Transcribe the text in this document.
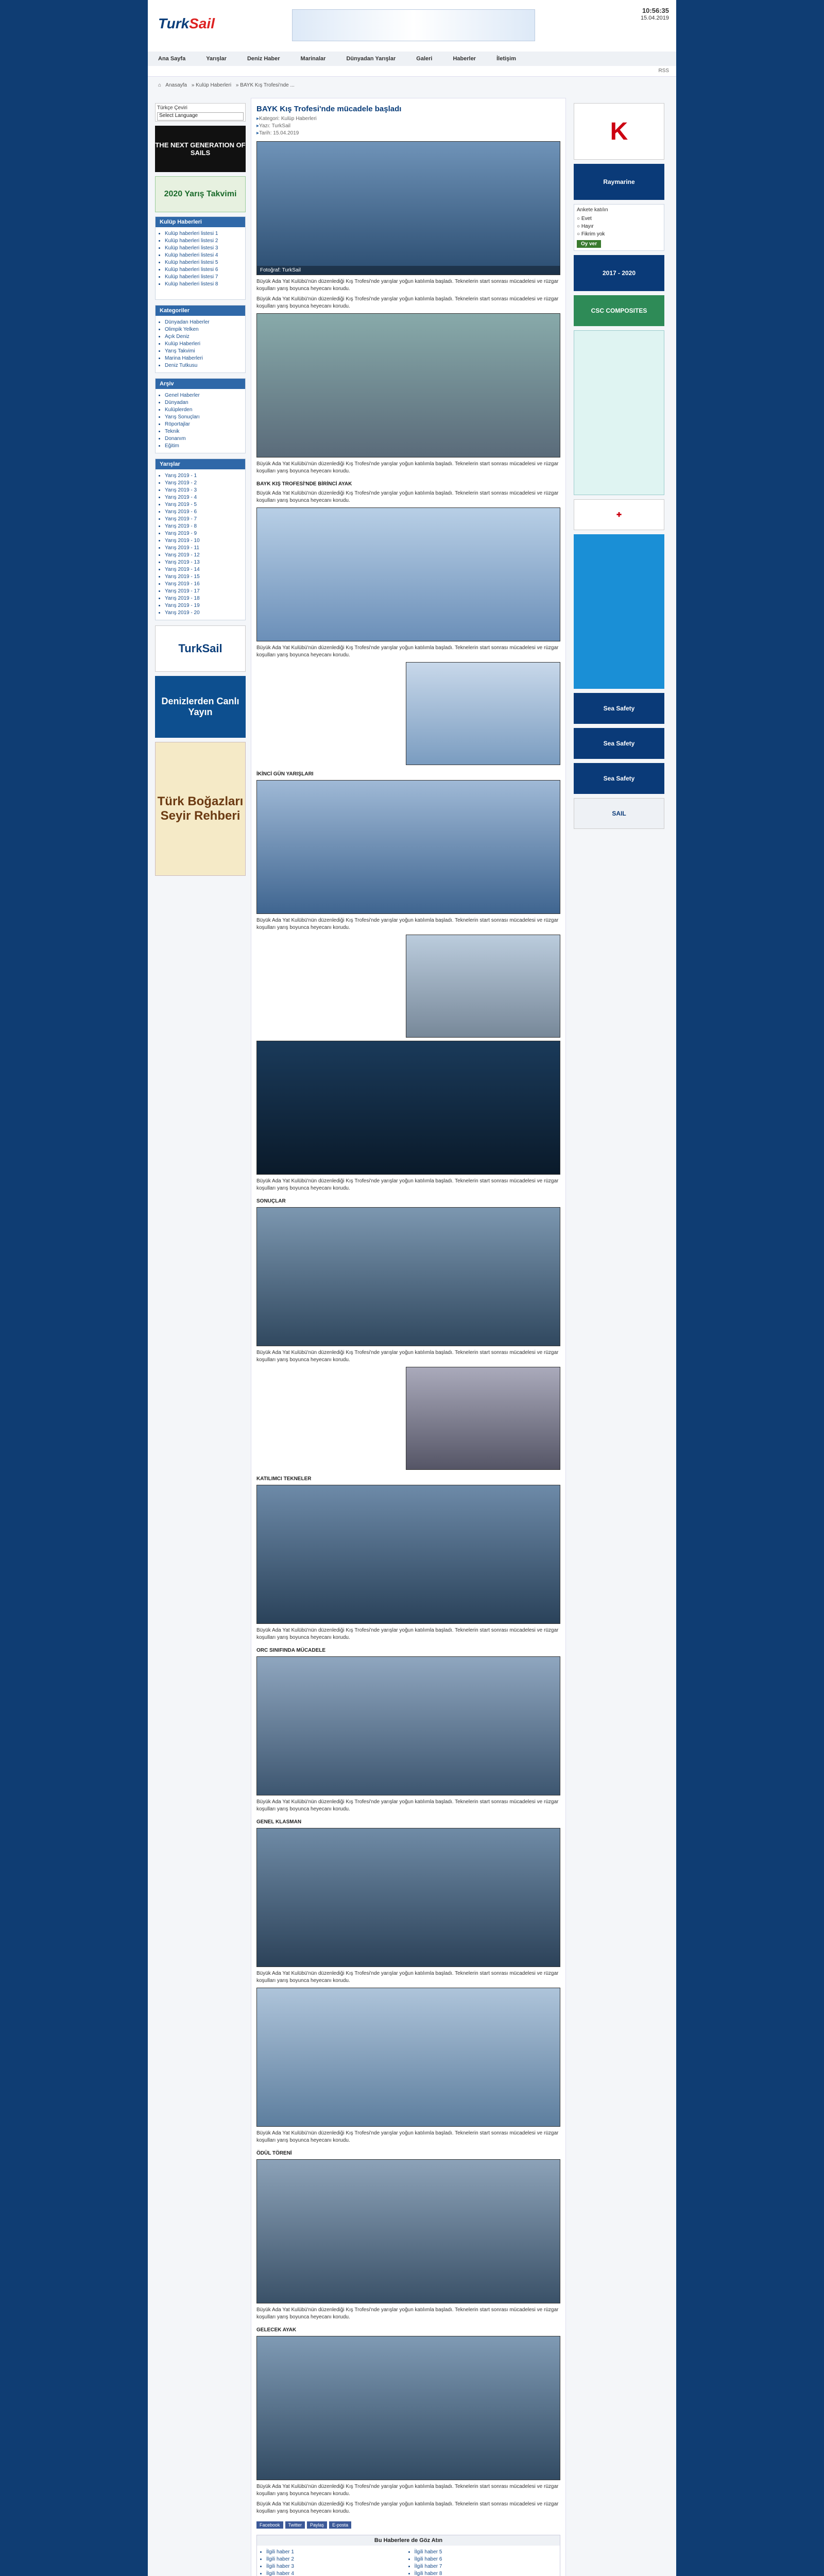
TurkSail
10:56:35
15.04.2019
Ana Sayfa	Yarışlar	Deniz Haber	Marinalar	Dünyadan Yarışlar	Galeri	Haberler	İletişim
RSS
⌂ Anasayfa » Kulüp Haberleri » BAYK Kış Trofesi'nde ...
Türkçe Çeviri
Select Language
THE NEXT GENERATION OF SAILS
2020 Yarış Takvimi
Kulüp Haberleri
• Kulüp haberleri listesi 1
• Kulüp haberleri listesi 2
• Kulüp haberleri listesi 3
• Kulüp haberleri listesi 4
• Kulüp haberleri listesi 5
• Kulüp haberleri listesi 6
• Kulüp haberleri listesi 7
• Kulüp haberleri listesi 8
Kategoriler
• Dünyadan Haberler
• Olimpik Yelken
• Açık Deniz
• Kulüp Haberleri
• Yarış Takvimi
• Marina Haberleri
• Deniz Tutkusu
Arşiv
• Genel Haberler
• Dünyadan
• Kulüplerden
• Yarış Sonuçları
• Röportajlar
• Teknik
• Donanım
• Eğitim
Yarışlar
• Yarış 2019 - 1
• Yarış 2019 - 2
• Yarış 2019 - 3
• Yarış 2019 - 4
• Yarış 2019 - 5
• Yarış 2019 - 6
• Yarış 2019 - 7
• Yarış 2019 - 8
• Yarış 2019 - 9
• Yarış 2019 - 10
• Yarış 2019 - 11
• Yarış 2019 - 12
• Yarış 2019 - 13
• Yarış 2019 - 14
• Yarış 2019 - 15
• Yarış 2019 - 16
• Yarış 2019 - 17
• Yarış 2019 - 18
• Yarış 2019 - 19
• Yarış 2019 - 20
TurkSail
Denizlerden Canlı Yayın
Türk Boğazları Seyir Rehberi
K
Raymarine
Ankete katılın
○ Evet
○ Hayır
○ Fikrim yok
Oy ver
2017 - 2020
CSC COMPOSITES
✚
Sea Safety
Sea Safety
Sea Safety
SAIL
BAYK Kış Trofesi'nde mücadele başladı
▸ Kategori: Kulüp Haberleri
▸ Yazı: TurkSail
▸ Tarih: 15.04.2019
Fotoğraf: TurkSail

Büyük Ada Yat Kulübü'nün düzenlediği Kış Trofesi'nde yarışlar yoğun katılımla başladı. Teknelerin start sonrası mücadelesi ve rüzgar koşulları yarış boyunca heyecanı korudu.

Büyük Ada Yat Kulübü'nün düzenlediği Kış Trofesi'nde yarışlar yoğun katılımla başladı. Teknelerin start sonrası mücadelesi ve rüzgar koşulları yarış boyunca heyecanı korudu.

Büyük Ada Yat Kulübü'nün düzenlediği Kış Trofesi'nde yarışlar yoğun katılımla başladı. Teknelerin start sonrası mücadelesi ve rüzgar koşulları yarış boyunca heyecanı korudu.

BAYK KIŞ TROFESİ'NDE BİRİNCİ AYAK

Büyük Ada Yat Kulübü'nün düzenlediği Kış Trofesi'nde yarışlar yoğun katılımla başladı. Teknelerin start sonrası mücadelesi ve rüzgar koşulları yarış boyunca heyecanı korudu.

Büyük Ada Yat Kulübü'nün düzenlediği Kış Trofesi'nde yarışlar yoğun katılımla başladı. Teknelerin start sonrası mücadelesi ve rüzgar koşulları yarış boyunca heyecanı korudu.

İKİNCİ GÜN YARIŞLARI

Büyük Ada Yat Kulübü'nün düzenlediği Kış Trofesi'nde yarışlar yoğun katılımla başladı. Teknelerin start sonrası mücadelesi ve rüzgar koşulları yarış boyunca heyecanı korudu.

Büyük Ada Yat Kulübü'nün düzenlediği Kış Trofesi'nde yarışlar yoğun katılımla başladı. Teknelerin start sonrası mücadelesi ve rüzgar koşulları yarış boyunca heyecanı korudu.

SONUÇLAR

Büyük Ada Yat Kulübü'nün düzenlediği Kış Trofesi'nde yarışlar yoğun katılımla başladı. Teknelerin start sonrası mücadelesi ve rüzgar koşulları yarış boyunca heyecanı korudu.

KATILIMCI TEKNELER

Büyük Ada Yat Kulübü'nün düzenlediği Kış Trofesi'nde yarışlar yoğun katılımla başladı. Teknelerin start sonrası mücadelesi ve rüzgar koşulları yarış boyunca heyecanı korudu.

ORC SINIFINDA MÜCADELE

Büyük Ada Yat Kulübü'nün düzenlediği Kış Trofesi'nde yarışlar yoğun katılımla başladı. Teknelerin start sonrası mücadelesi ve rüzgar koşulları yarış boyunca heyecanı korudu.

GENEL KLASMAN

Büyük Ada Yat Kulübü'nün düzenlediği Kış Trofesi'nde yarışlar yoğun katılımla başladı. Teknelerin start sonrası mücadelesi ve rüzgar koşulları yarış boyunca heyecanı korudu.

Büyük Ada Yat Kulübü'nün düzenlediği Kış Trofesi'nde yarışlar yoğun katılımla başladı. Teknelerin start sonrası mücadelesi ve rüzgar koşulları yarış boyunca heyecanı korudu.

ÖDÜL TÖRENİ

Büyük Ada Yat Kulübü'nün düzenlediği Kış Trofesi'nde yarışlar yoğun katılımla başladı. Teknelerin start sonrası mücadelesi ve rüzgar koşulları yarış boyunca heyecanı korudu.

GELECEK AYAK

Büyük Ada Yat Kulübü'nün düzenlediği Kış Trofesi'nde yarışlar yoğun katılımla başladı. Teknelerin start sonrası mücadelesi ve rüzgar koşulları yarış boyunca heyecanı korudu.

Büyük Ada Yat Kulübü'nün düzenlediği Kış Trofesi'nde yarışlar yoğun katılımla başladı. Teknelerin start sonrası mücadelesi ve rüzgar koşulları yarış boyunca heyecanı korudu.

Facebook	Twitter	Paylaş	E-posta
Bu Haberlere de Göz Atın
• İlgili haber 1
• İlgili haber 2
• İlgili haber 3
• İlgili haber 4
• İlgili haber 5
• İlgili haber 6
• İlgili haber 7
• İlgili haber 8
